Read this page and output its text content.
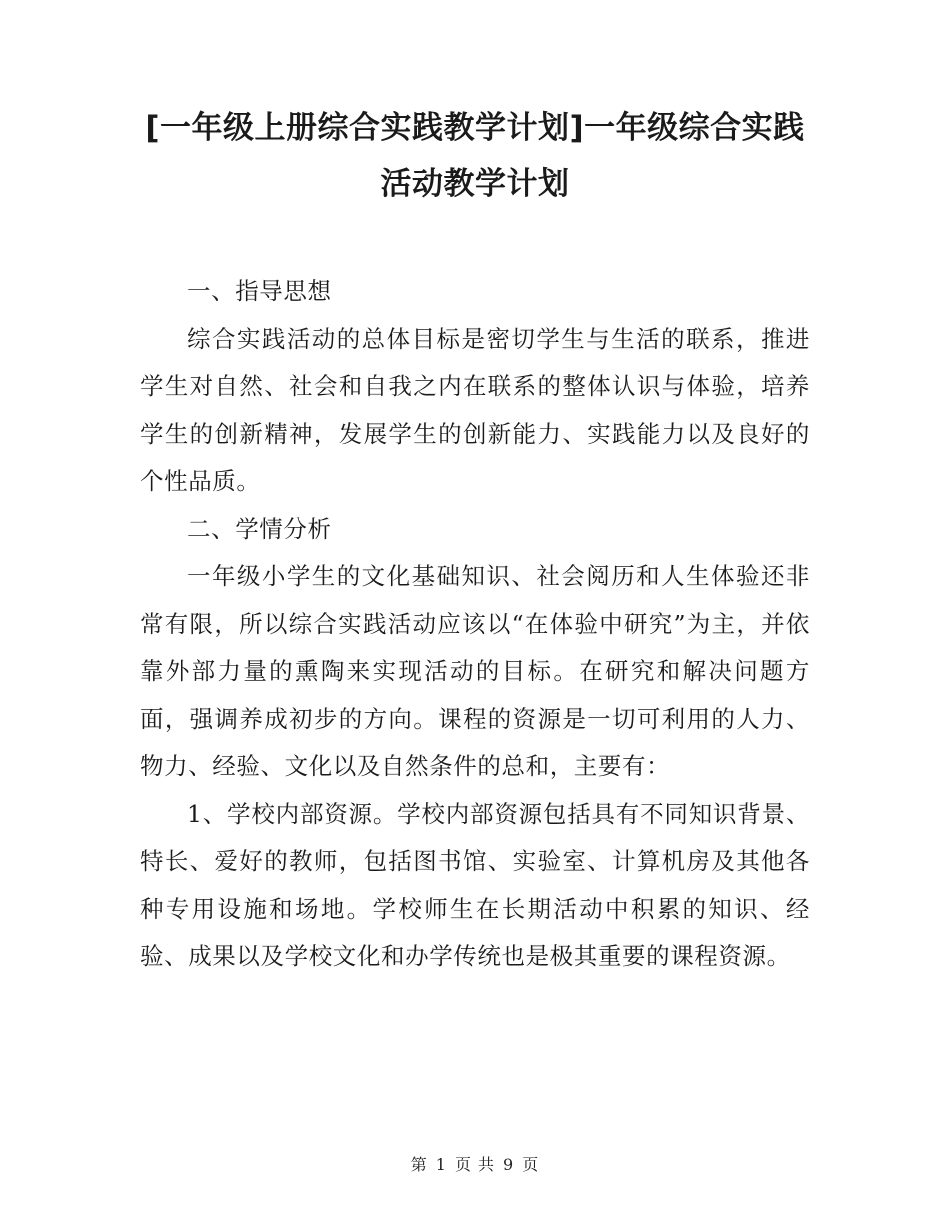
[一年级上册综合实践教学计划]一年级综合实践活动教学计划

一、指导思想

综合实践活动的总体目标是密切学生与生活的联系，推进学生对自然、社会和自我之内在联系的整体认识与体验，培养学生的创新精神，发展学生的创新能力、实践能力以及良好的个性品质。

二、学情分析

一年级小学生的文化基础知识、社会阅历和人生体验还非常有限，所以综合实践活动应该以“在体验中研究”为主，并依靠外部力量的熏陶来实现活动的目标。在研究和解决问题方面，强调养成初步的方向。课程的资源是一切可利用的人力、物力、经验、文化以及自然条件的总和，主要有：

1、学校内部资源。学校内部资源包括具有不同知识背景、特长、爱好的教师，包括图书馆、实验室、计算机房及其他各种专用设施和场地。学校师生在长期活动中积累的知识、经验、成果以及学校文化和办学传统也是极其重要的课程资源。

第 1 页 共 9 页
